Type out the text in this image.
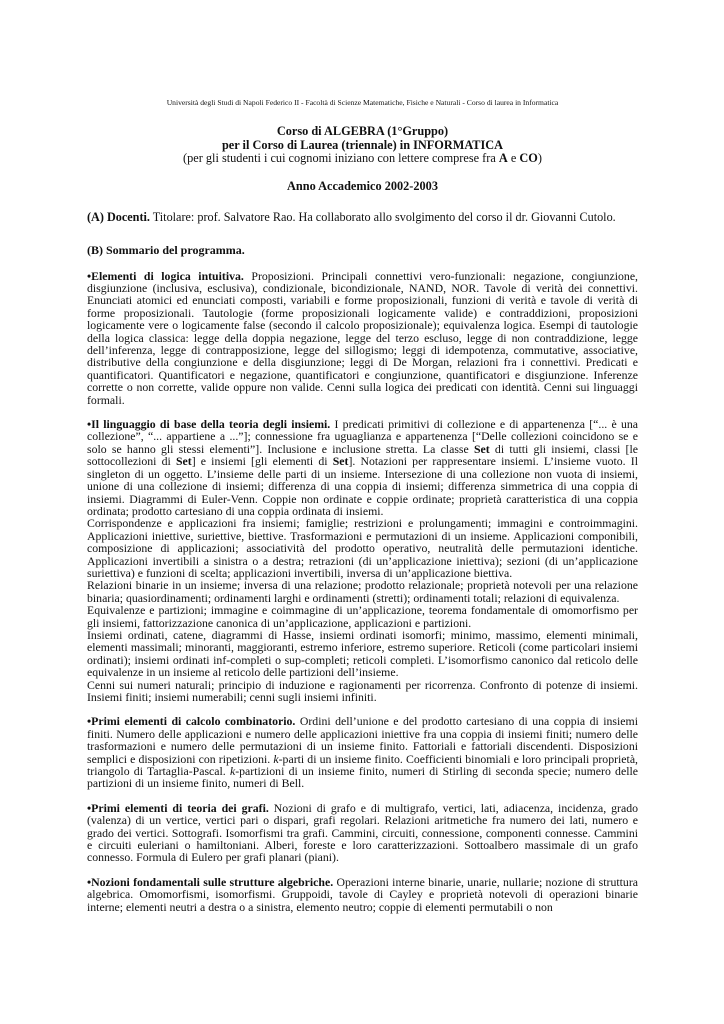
Università degli Studi di Napoli Federico II - Facoltà di Scienze Matematiche, Fisiche e Naturali - Corso di laurea in Informatica

Corso di ALGEBRA (1°Gruppo)
per il Corso di Laurea (triennale) in INFORMATICA
(per gli studenti i cui cognomi iniziano con lettere comprese fra A e CO)
Anno Accademico 2002-2003

(A) Docenti. Titolare: prof. Salvatore Rao. Ha collaborato allo svolgimento del corso il dr. Giovanni Cutolo.

(B) Sommario del programma.

•Elementi di logica intuitiva. Proposizioni. Principali connettivi vero-funzionali: negazione, congiunzione, disgiunzione (inclusiva, esclusiva), condizionale, bicondizionale, NAND, NOR. Tavole di verità dei connettivi. Enunciati atomici ed enunciati composti, variabili e forme proposizionali, funzioni di verità e tavole di verità di forme proposizionali. Tautologie (forme proposizionali logicamente valide) e contraddizioni, proposizioni logicamente vere o logicamente false (secondo il calcolo proposizionale); equivalenza logica. Esempi di tautologie della logica classica: legge della doppia negazione, legge del terzo escluso, legge di non contraddizione, legge dell’inferenza, legge di contrapposizione, legge del sillogismo; leggi di idempotenza, commutative, associative, distributive della congiunzione e della disgiunzione; leggi di De Morgan, relazioni fra i connettivi. Predicati e quantificatori. Quantificatori e negazione, quantificatori e congiunzione, quantificatori e disgiunzione. Inferenze corrette o non corrette, valide oppure non valide. Cenni sulla logica dei predicati con identità. Cenni sui linguaggi formali.

•Il linguaggio di base della teoria degli insiemi. I predicati primitivi di collezione e di appartenenza [“... è una collezione”, “... appartiene a ...”]; connessione fra uguaglianza e appartenenza [“Delle collezioni coincidono se e solo se hanno gli stessi elementi”]. Inclusione e inclusione stretta. La classe Set di tutti gli insiemi, classi [le sottocollezioni di Set] e insiemi [gli elementi di Set]. Notazioni per rappresentare insiemi. L’insieme vuoto. Il singleton di un oggetto. L’insieme delle parti di un insieme. Intersezione di una collezione non vuota di insiemi, unione di una collezione di insiemi; differenza di una coppia di insiemi; differenza simmetrica di una coppia di insiemi. Diagrammi di Euler-Venn. Coppie non ordinate e coppie ordinate; proprietà caratteristica di una coppia ordinata; prodotto cartesiano di una coppia ordinata di insiemi.

Corrispondenze e applicazioni fra insiemi; famiglie; restrizioni e prolungamenti; immagini e controimmagini. Applicazioni iniettive, suriettive, biettive. Trasformazioni e permutazioni di un insieme. Applicazioni componibili, composizione di applicazioni; associatività del prodotto operativo, neutralità delle permutazioni identiche. Applicazioni invertibili a sinistra o a destra; retrazioni (di un’applicazione iniettiva); sezioni (di un’applicazione suriettiva) e funzioni di scelta; applicazioni invertibili, inversa di un’applicazione biettiva.

Relazioni binarie in un insieme; inversa di una relazione; prodotto relazionale; proprietà notevoli per una relazione binaria; quasiordinamenti; ordinamenti larghi e ordinamenti (stretti); ordinamenti totali; relazioni di equivalenza.

Equivalenze e partizioni; immagine e coimmagine di un’applicazione, teorema fondamentale di omomorfismo per gli insiemi, fattorizzazione canonica di un’applicazione, applicazioni e partizioni.

Insiemi ordinati, catene, diagrammi di Hasse, insiemi ordinati isomorfi; minimo, massimo, elementi minimali, elementi massimali; minoranti, maggioranti, estremo inferiore, estremo superiore. Reticoli (come particolari insiemi ordinati); insiemi ordinati inf-completi o sup-completi; reticoli completi. L’isomorfismo canonico dal reticolo delle equivalenze in un insieme al reticolo delle partizioni dell’insieme.

Cenni sui numeri naturali; principio di induzione e ragionamenti per ricorrenza. Confronto di potenze di insiemi. Insiemi finiti; insiemi numerabili; cenni sugli insiemi infiniti.

•Primi elementi di calcolo combinatorio. Ordini dell’unione e del prodotto cartesiano di una coppia di insiemi finiti. Numero delle applicazioni e numero delle applicazioni iniettive fra una coppia di insiemi finiti; numero delle trasformazioni e numero delle permutazioni di un insieme finito. Fattoriali e fattoriali discendenti. Disposizioni semplici e disposizioni con ripetizioni. k-parti di un insieme finito. Coefficienti binomiali e loro principali proprietà, triangolo di Tartaglia-Pascal. k-partizioni di un insieme finito, numeri di Stirling di seconda specie; numero delle partizioni di un insieme finito, numeri di Bell.

•Primi elementi di teoria dei grafi. Nozioni di grafo e di multigrafo, vertici, lati, adiacenza, incidenza, grado (valenza) di un vertice, vertici pari o dispari, grafi regolari. Relazioni aritmetiche fra numero dei lati, numero e grado dei vertici. Sottografi. Isomorfismi tra grafi. Cammini, circuiti, connessione, componenti connesse. Cammini e circuiti euleriani o hamiltoniani. Alberi, foreste e loro caratterizzazioni. Sottoalbero massimale di un grafo connesso. Formula di Eulero per grafi planari (piani).

•Nozioni fondamentali sulle strutture algebriche. Operazioni interne binarie, unarie, nullarie; nozione di struttura algebrica. Omomorfismi, isomorfismi. Gruppoidi, tavole di Cayley e proprietà notevoli di operazioni binarie interne; elementi neutri a destra o a sinistra, elemento neutro; coppie di elementi permutabili o non
